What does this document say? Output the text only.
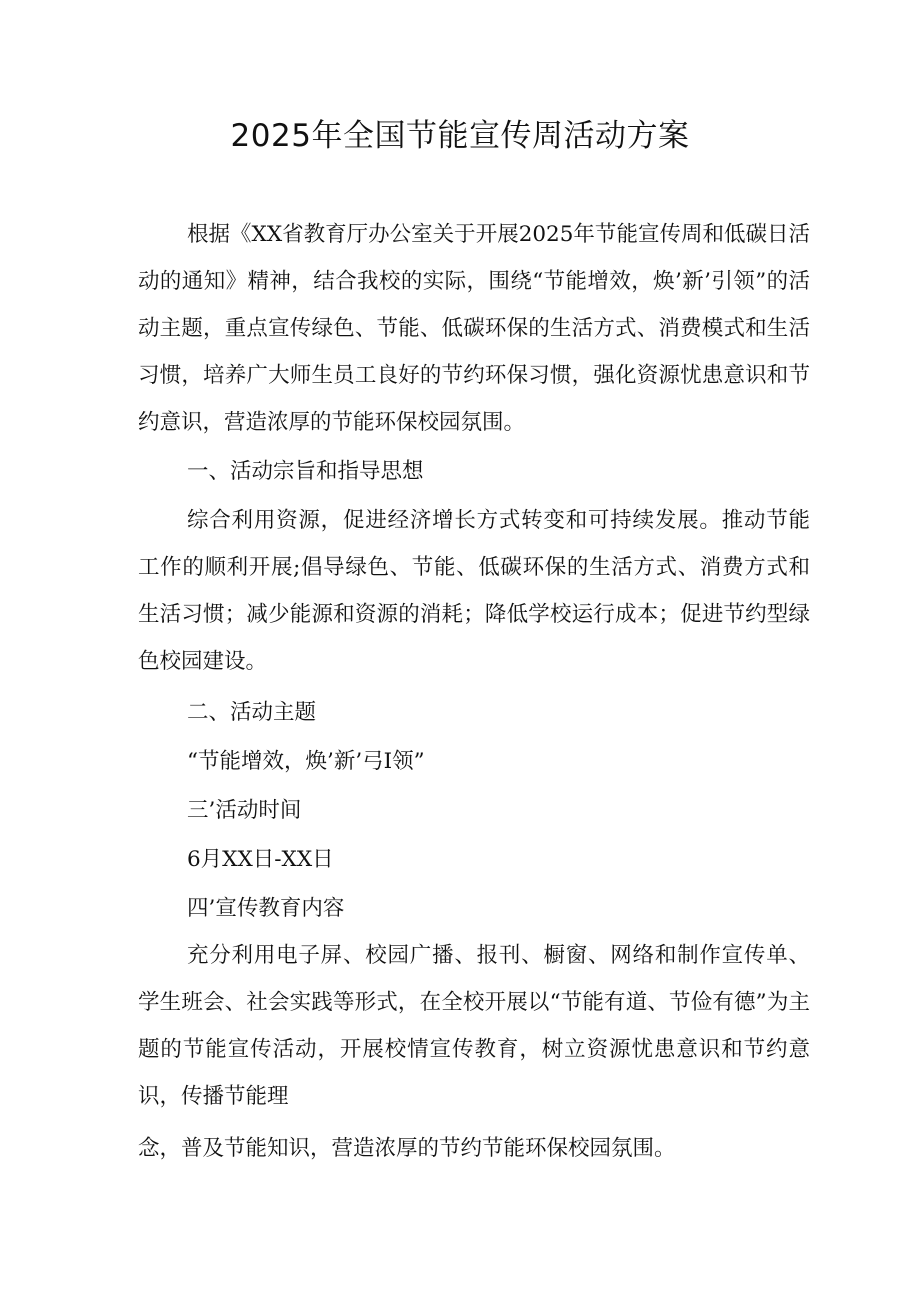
2025年全国节能宣传周活动方案

根据《XX省教育厅办公室关于开展2025年节能宣传周和低碳日活动的通知》精神，结合我校的实际，围绕“节能增效，焕’新’引领”的活动主题，重点宣传绿色、节能、低碳环保的生活方式、消费模式和生活习惯，培养广大师生员工良好的节约环保习惯，强化资源忧患意识和节约意识，营造浓厚的节能环保校园氛围。

一、活动宗旨和指导思想

综合利用资源，促进经济增长方式转变和可持续发展。推动节能工作的顺利开展;倡导绿色、节能、低碳环保的生活方式、消费方式和生活习惯；减少能源和资源的消耗；降低学校运行成本；促进节约型绿色校园建设。

二、活动主题
“节能增效，焕’新’弓I领”
三’活动时间
6月XX日-XX日
四’宣传教育内容

充分利用电子屏、校园广播、报刊、橱窗、网络和制作宣传单、学生班会、社会实践等形式，在全校开展以“节能有道、节俭有德”为主题的节能宣传活动，开展校情宣传教育，树立资源忧患意识和节约意识，传播节能理

念，普及节能知识，营造浓厚的节约节能环保校园氛围。
